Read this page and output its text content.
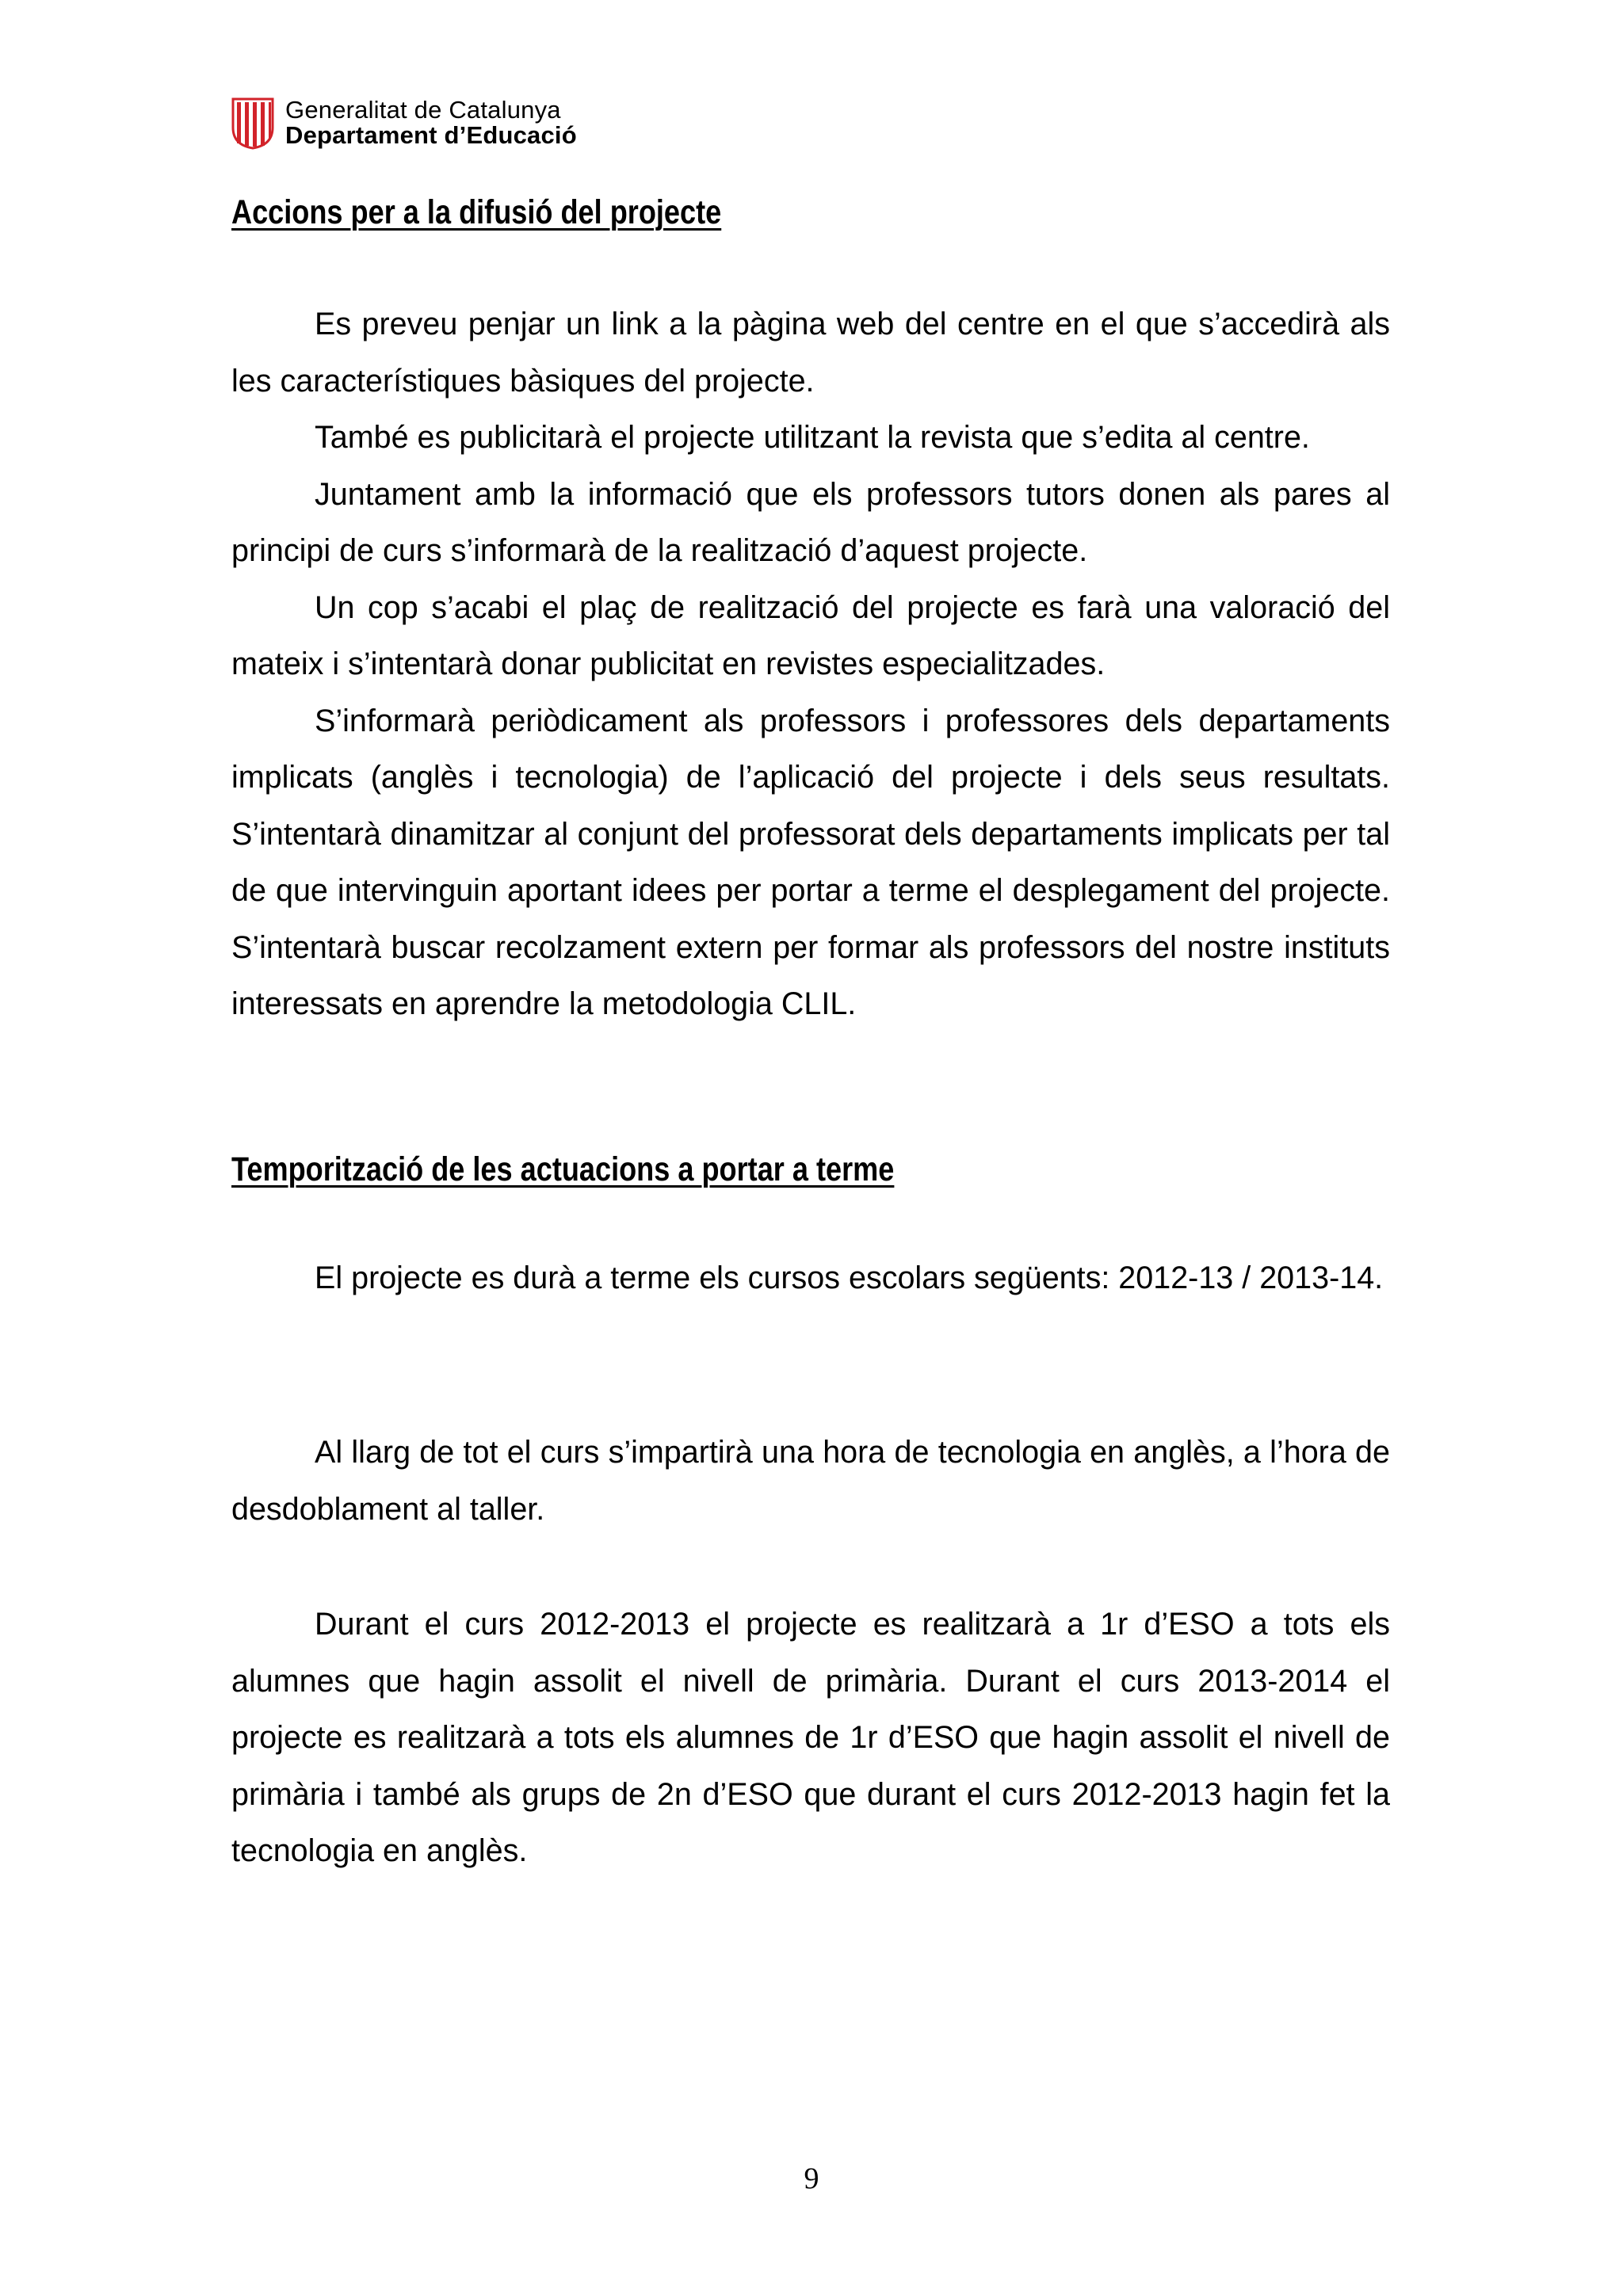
Generalitat de Catalunya
Departament d’Educació
Accions per a la difusió del projecte

Es preveu penjar un link a la pàgina web del centre en el que s’accedirà als les característiques bàsiques del projecte.

També es publicitarà el projecte utilitzant la revista que s’edita al centre.

Juntament amb la informació que els professors tutors donen als pares al principi de curs s’informarà de la realització d’aquest projecte.

Un cop s’acabi el plaç de realització del projecte es farà una valoració del mateix i s’intentarà donar publicitat en revistes especialitzades.

S’informarà periòdicament als professors i professores dels departaments implicats (anglès i tecnologia) de l’aplicació del projecte i dels seus resultats. S’intentarà dinamitzar al conjunt del professorat dels departaments implicats per tal de que intervinguin aportant idees per portar a terme el desplegament del projecte. S’intentarà buscar recolzament extern per formar als professors del nostre instituts interessats en aprendre la metodologia CLIL.

Temporització de les actuacions a portar a terme

El projecte es durà a terme els cursos escolars següents: 2012-13 / 2013-14.

Al llarg de tot el curs s’impartirà una hora de tecnologia en anglès, a l’hora de desdoblament al taller.

Durant el curs 2012-2013 el projecte es realitzarà a 1r d’ESO a tots els alumnes que hagin assolit el nivell de primària. Durant el curs 2013-2014 el projecte es realitzarà a tots els alumnes de 1r d’ESO que hagin assolit el nivell de primària i també als grups de 2n d’ESO que durant el curs 2012-2013 hagin fet la tecnologia en anglès.

9
